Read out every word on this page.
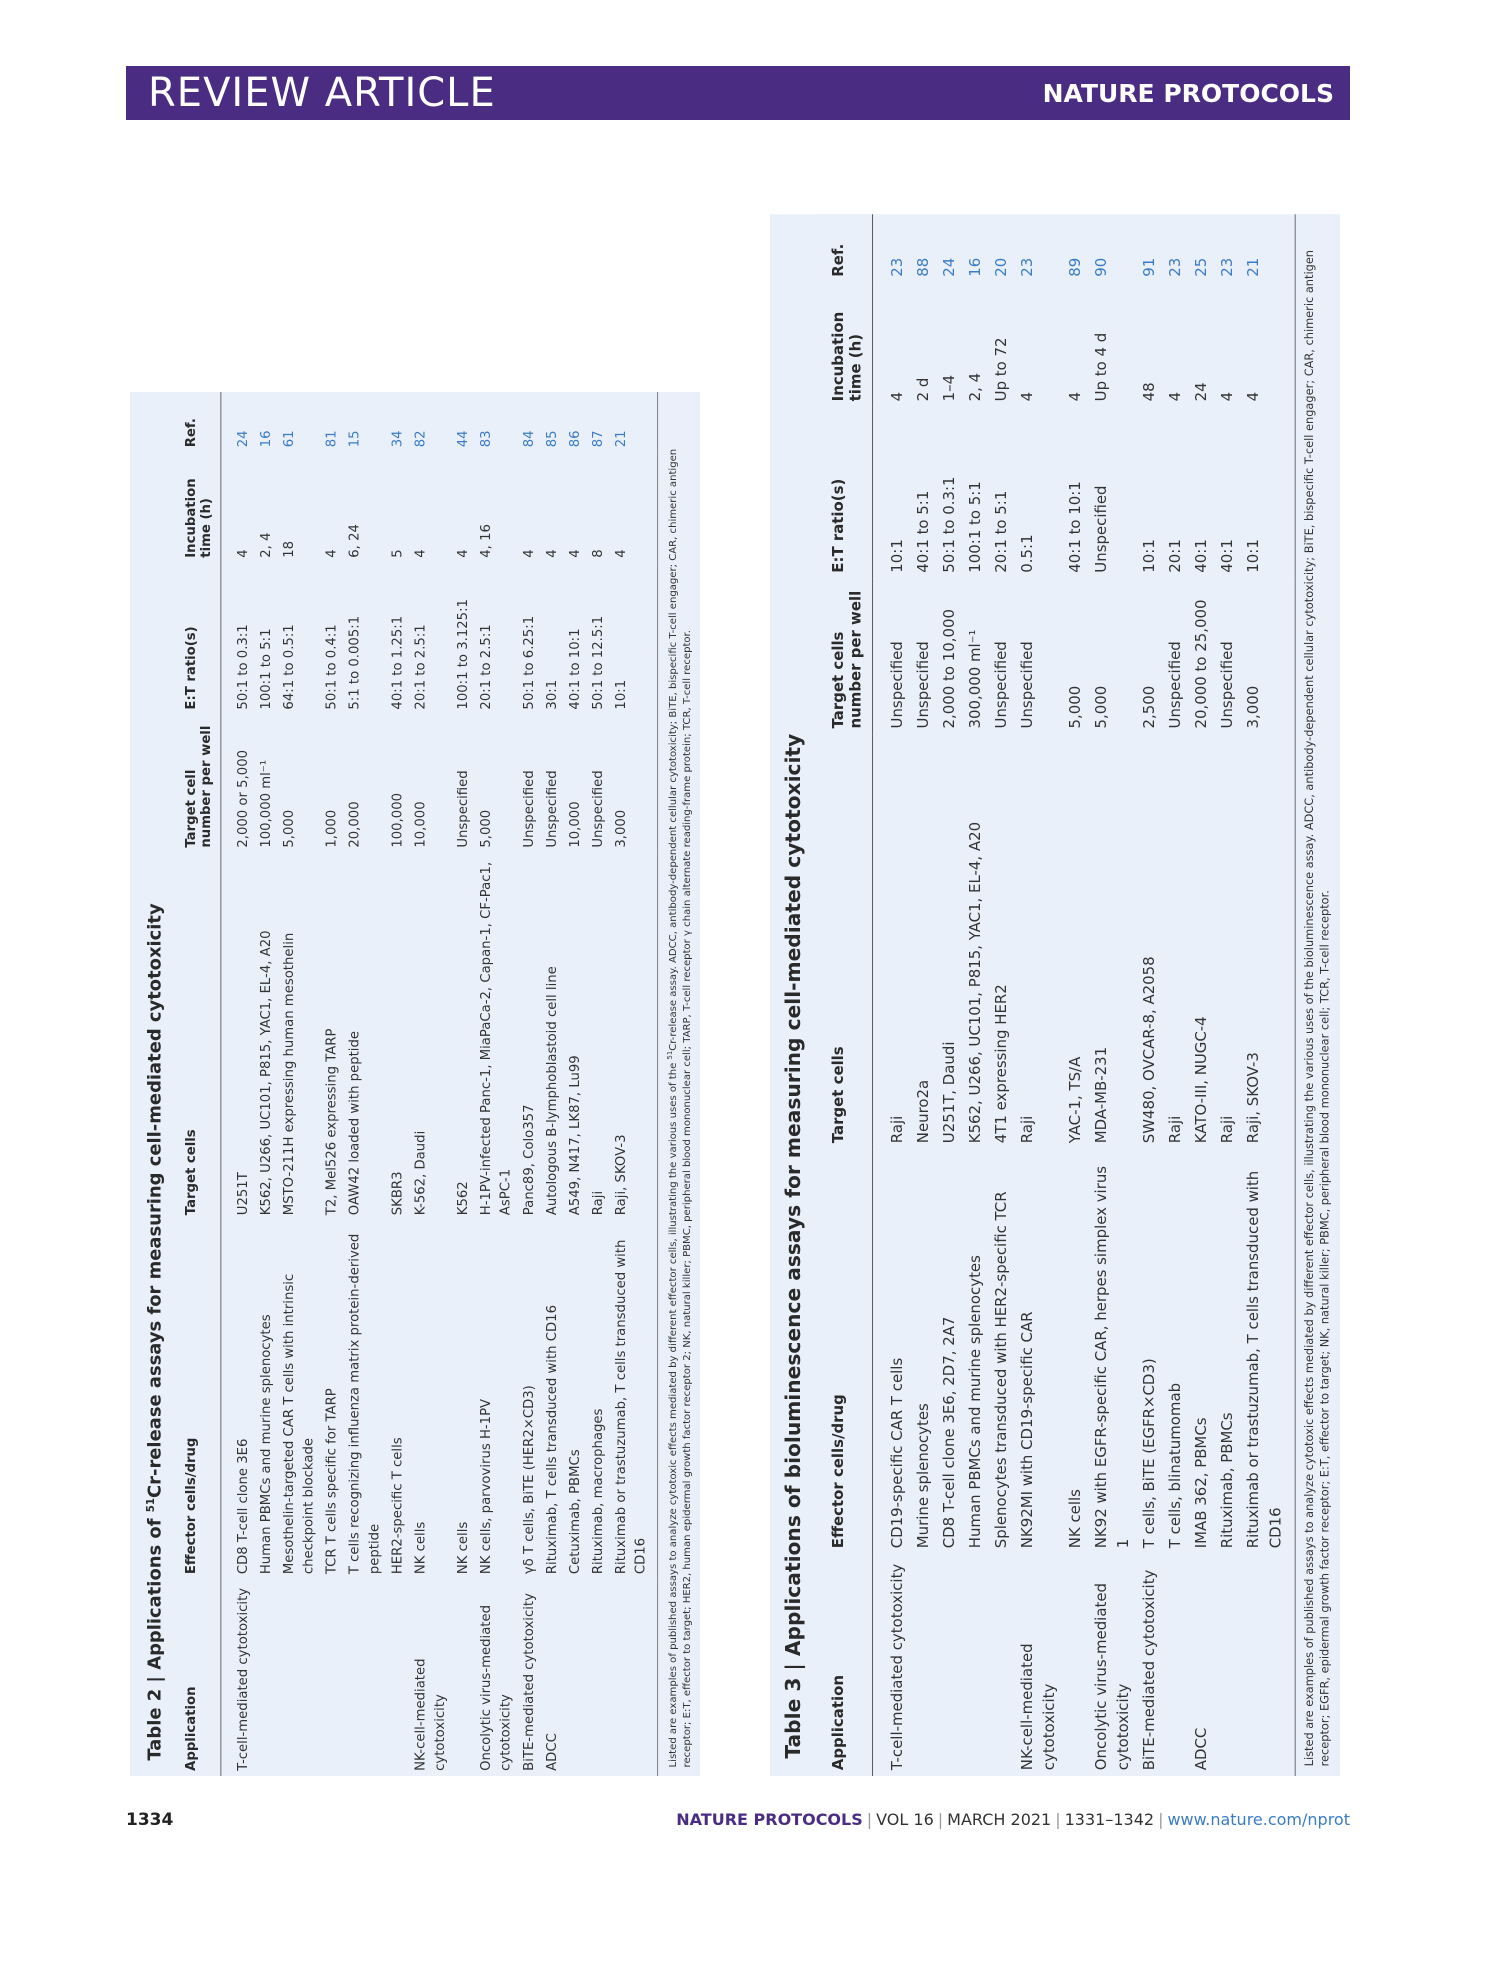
REVIEW ARTICLE	NATURE PROTOCOLS
Table 2 | Applications of $^{51}$Cr-release assays for measuring cell-mediated cytotoxicity
Application	Effector cells/drug	Target cells	Target cell number per well	E:T ratio(s)	Incubation time (h)	Ref.
T-cell-mediated cytotoxicity	CD8 T-cell clone 3E6	U251T	2,000 or 5,000	50:1 to 0.3:1	4	24
	Human PBMCs and murine splenocytes	K562, U266, UC101, P815, YAC1, EL-4, A20	100,000 ml⁻¹	100:1 to 5:1	2, 4	16
	Mesothelin-targeted CAR T cells with intrinsic checkpoint blockade	MSTO-211H expressing human mesothelin	5,000	64:1 to 0.5:1	18	61
	TCR T cells specific for TARP	T2, Mel526 expressing TARP	1,000	50:1 to 0.4:1	4	81
	T cells recognizing influenza matrix protein-derived peptide	OAW42 loaded with peptide	20,000	5:1 to 0.005:1	6, 24	15
	HER2-specific T cells	SKBR3	100,000	40:1 to 1.25:1	5	34
NK-cell-mediated cytotoxicity	NK cells	K-562, Daudi	10,000	20:1 to 2.5:1	4	82
	NK cells	K562	Unspecified	100:1 to 3.125:1	4	44
Oncolytic virus-mediated cytotoxicity	NK cells, parvovirus H-1PV	H-1PV-infected Panc-1, MiaPaCa-2, Capan-1, CF-Pac1, AsPC-1	5,000	20:1 to 2.5:1	4, 16	83
BiTE-mediated cytotoxicity	γδ T cells, BiTE (HER2×CD3)	Panc89, Colo357	Unspecified	50:1 to 6.25:1	4	84
ADCC	Rituximab, T cells transduced with CD16	Autologous B-lymphoblastoid cell line	Unspecified	30:1	4	85
	Cetuximab, PBMCs	A549, N417, LK87, Lu99	10,000	40:1 to 10:1	4	86
	Rituximab, macrophages	Raji	Unspecified	50:1 to 12.5:1	8	87
	Rituximab or trastuzumab, T cells transduced with CD16	Raji, SKOV-3	3,000	10:1	4	21
Listed are examples of published assays to analyze cytotoxic effects mediated by different effector cells, illustrating the various uses of the $^{51}$Cr-release assay. ADCC, antibody-dependent cellular cytotoxicity; BiTE, bispecific T-cell engager; CAR, chimeric antigen receptor; E:T, effector to target; HER2, human epidermal growth factor receptor 2; NK, natural killer; PBMC, peripheral blood mononuclear cell; TARP, T-cell receptor γ chain alternate reading-frame protein; TCR, T-cell receptor.	Table 3 | Applications of bioluminescence assays for measuring cell-mediated cytotoxicity	Application	Effector cells/drug	Target cells	Target cells number per well	E:T ratio(s)	Incubation time (h)	Ref.
T-cell-mediated cytotoxicity	CD19-specific CAR T cells	Raji	Unspecified	10:1	4	23
	Murine splenocytes	Neuro2a	Unspecified	40:1 to 5:1	2 d	88
	CD8 T-cell clone 3E6, 2D7, 2A7	U251T, Daudi	2,000 to 10,000	50:1 to 0.3:1	1–4	24
	Human PBMCs and murine splenocytes	K562, U266, UC101, P815, YAC1, EL-4, A20	300,000 ml⁻¹	100:1 to 5:1	2, 4	16
	Splenocytes transduced with HER2-specific TCR	4T1 expressing HER2	Unspecified	20:1 to 5:1	Up to 72	20
NK-cell-mediated cytotoxicity	NK92MI with CD19-specific CAR	Raji	Unspecified	0.5:1	4	23
	NK cells	YAC-1, TS/A	5,000	40:1 to 10:1	4	89
Oncolytic virus-mediated cytotoxicity	NK92 with EGFR-specific CAR, herpes simplex virus 1	MDA-MB-231	5,000	Unspecified	Up to 4 d	90
BiTE-mediated cytotoxicity	T cells, BiTE (EGFR×CD3)	SW480, OVCAR-8, A2058	2,500	10:1	48	91
	T cells, blinatumomab	Raji	Unspecified	20:1	4	23
ADCC	IMAB 362, PBMCs	KATO-III, NUGC-4	20,000 to 25,000	40:1	24	25
	Rituximab, PBMCs	Raji	Unspecified	40:1	4	23
	Rituximab or trastuzumab, T cells transduced with CD16	Raji, SKOV-3	3,000	10:1	4	21	Listed are examples of published assays to analyze cytotoxic effects mediated by different effector cells, illustrating the various uses of the bioluminescence assay. ADCC, antibody-dependent cellular cytotoxicity; BiTE, bispecific T-cell engager; CAR, chimeric antigen receptor; EGFR, epidermal growth factor receptor; E:T, effector to target; NK, natural killer; PBMC, peripheral blood mononuclear cell; TCR, T-cell receptor.
1334	NATURE PROTOCOLS | VOL 16 | MARCH 2021 | 1331–1342 | www.nature.com/nprot
